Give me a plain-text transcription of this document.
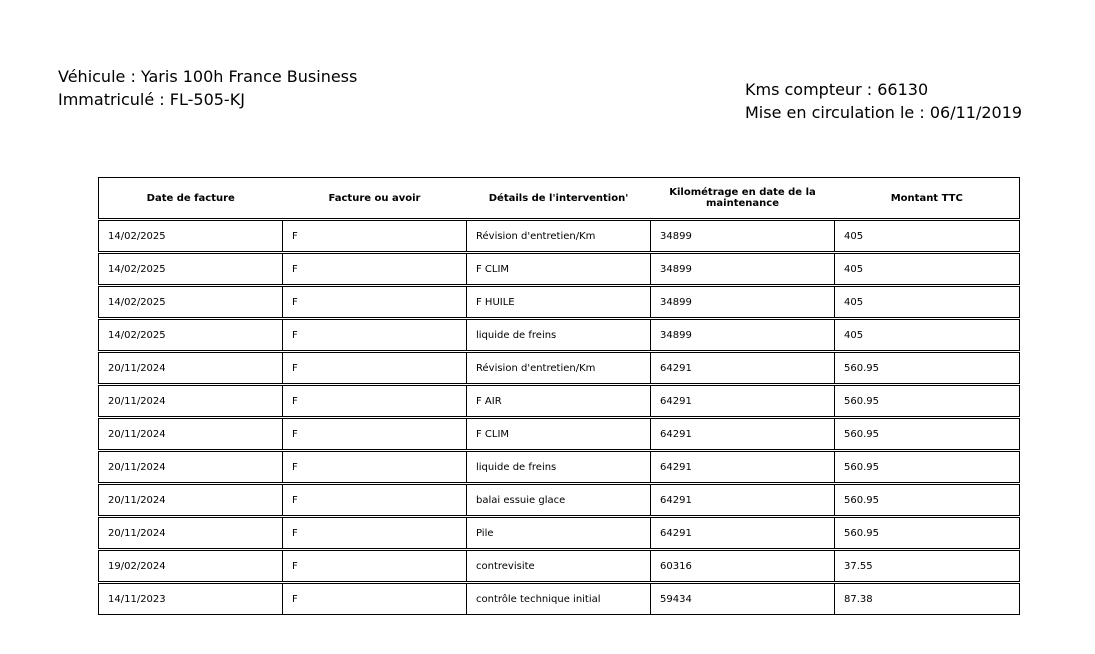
Véhicule : Yaris 100h France Business
Immatriculé : FL-505-KJ
Kms compteur : 66130
Mise en circulation le : 06/11/2019
Date de facture	Facture ou avoir	Détails de l'intervention'	Kilométrage en date de la maintenance	Montant TTC
14/02/2025	F	Révision d'entretien/Km	34899	405
14/02/2025	F	F CLIM	34899	405
14/02/2025	F	F HUILE	34899	405
14/02/2025	F	liquide de freins	34899	405
20/11/2024	F	Révision d'entretien/Km	64291	560.95
20/11/2024	F	F AIR	64291	560.95
20/11/2024	F	F CLIM	64291	560.95
20/11/2024	F	liquide de freins	64291	560.95
20/11/2024	F	balai essuie glace	64291	560.95
20/11/2024	F	Pile	64291	560.95
19/02/2024	F	contrevisite	60316	37.55
14/11/2023	F	contrôle technique initial	59434	87.38
